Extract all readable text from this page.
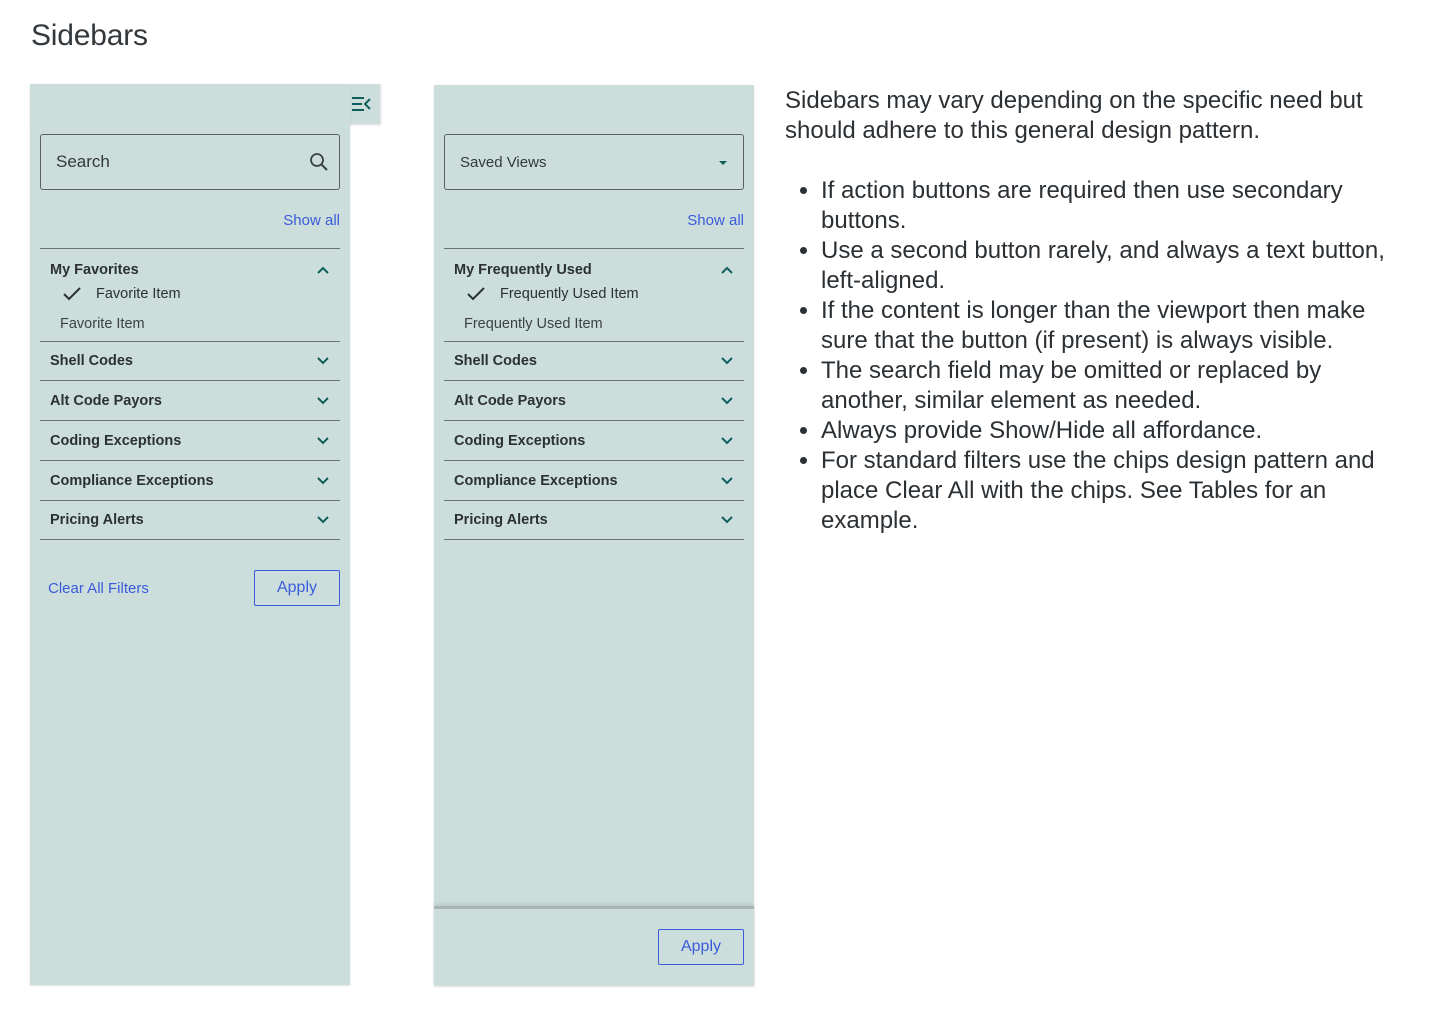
Sidebars
Search
Show all
My Favorites
Favorite Item
Favorite Item
Shell Codes
Alt Code Payors
Coding Exceptions
Compliance Exceptions
Pricing Alerts
Clear All Filters	Apply
Saved Views
Show all
My Frequently Used
Frequently Used Item
Frequently Used Item
Shell Codes
Alt Code Payors
Coding Exceptions
Compliance Exceptions
Pricing Alerts
Apply

Sidebars may vary depending on the specific need but should adhere to this general design pattern.

• If action buttons are required then use secondary buttons.
• Use a second button rarely, and always a text button, left-aligned.
• If the content is longer than the viewport then make sure that the button (if present) is always visible.
• The search field may be omitted or replaced by another, similar element as needed.
• Always provide Show/Hide all affordance.
• For standard filters use the chips design pattern and place Clear All with the chips. See Tables for an example.
